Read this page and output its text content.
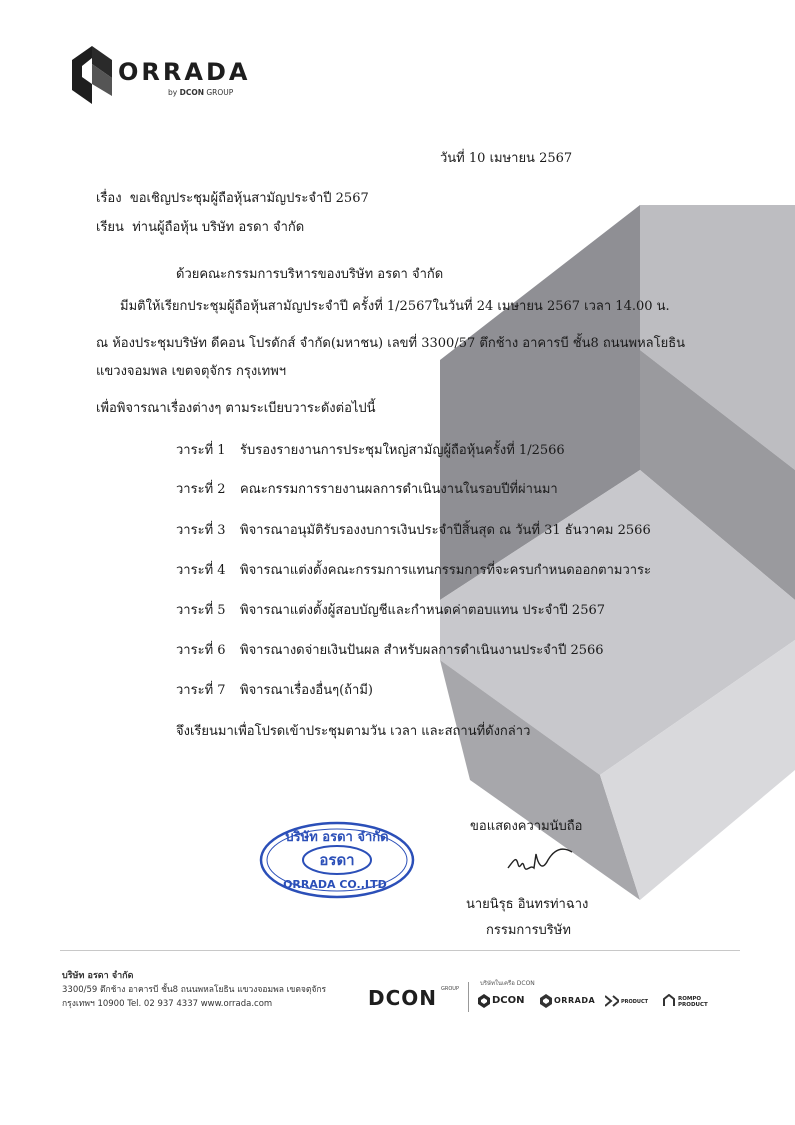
ORRADA
by DCON GROUP
วันที่ 10 เมษายน 2567
เรื่อง ขอเชิญประชุมผู้ถือหุ้นสามัญประจำปี 2567
เรียน ท่านผู้ถือหุ้น บริษัท อรดา จำกัด
ด้วยคณะกรรมการบริหารของบริษัท อรดา จำกัด
มีมติให้เรียกประชุมผู้ถือหุ้นสามัญประจำปี ครั้งที่ 1/2567ในวันที่ 24 เมษายน 2567 เวลา 14.00 น.
ณ ห้องประชุมบริษัท ดีคอน โปรดักส์ จำกัด(มหาชน) เลขที่ 3300/57 ตึกช้าง อาคารบี ชั้น8 ถนนพหลโยธิน
แขวงจอมพล เขตจตุจักร กรุงเทพฯ
เพื่อพิจารณาเรื่องต่างๆ ตามระเบียบวาระดังต่อไปนี้
วาระที่ 1 รับรองรายงานการประชุมใหญ่สามัญผู้ถือหุ้นครั้งที่ 1/2566
วาระที่ 2 คณะกรรมการรายงานผลการดำเนินงานในรอบปีที่ผ่านมา
วาระที่ 3 พิจารณาอนุมัติรับรองงบการเงินประจำปีสิ้นสุด ณ วันที่ 31 ธันวาคม 2566
วาระที่ 4 พิจารณาแต่งตั้งคณะกรรมการแทนกรรมการที่จะครบกำหนดออกตามวาระ
วาระที่ 5 พิจารณาแต่งตั้งผู้สอบบัญชีและกำหนดค่าตอบแทน ประจำปี 2567
วาระที่ 6 พิจารณางดจ่ายเงินปันผล สำหรับผลการดำเนินงานประจำปี 2566
วาระที่ 7 พิจารณาเรื่องอื่นๆ(ถ้ามี)
จึงเรียนมาเพื่อโปรดเข้าประชุมตามวัน เวลา และสถานที่ดังกล่าว
ขอแสดงความนับถือ
นายนิรุธ อินทรท่าฉาง
กรรมการบริษัท
บริษัท อรดา จำกัด
อรดา
ORRADA CO.,LTD.
บริษัท อรดา จำกัด
3300/59 ตึกช้าง อาคารบี ชั้น8 ถนนพหลโยธิน แขวงจอมพล เขตจตุจักร
กรุงเทพฯ 10900 Tel. 02 937 4337 www.orrada.com	DCON GROUP
บริษัทในเครือ DCON
DCON	ORRADA	PRODUCT	ROMPO PRODUCT
